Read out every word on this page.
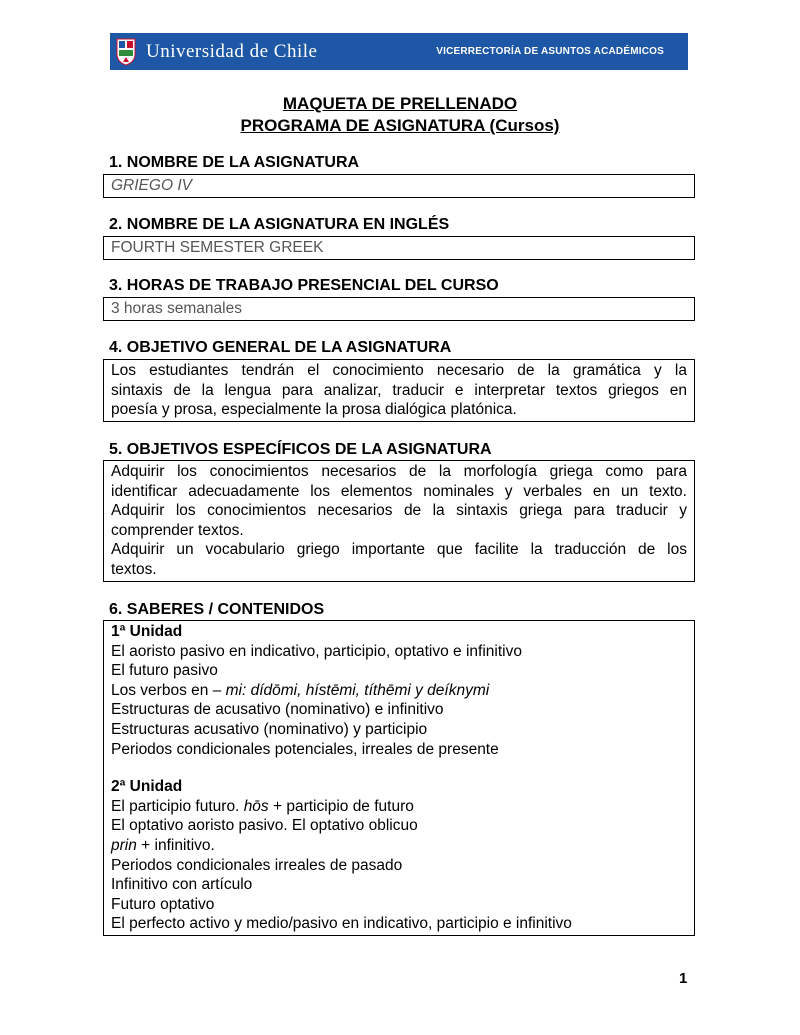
Universidad de Chile	VICERRECTORÍA DE ASUNTOS ACADÉMICOS
MAQUETA DE PRELLENADO
PROGRAMA DE ASIGNATURA (Cursos)
1. NOMBRE DE LA ASIGNATURA
GRIEGO IV
2. NOMBRE DE LA ASIGNATURA EN INGLÉS
FOURTH SEMESTER GREEK
3. HORAS DE TRABAJO PRESENCIAL DEL CURSO
3 horas semanales
4. OBJETIVO GENERAL DE LA ASIGNATURA

Los estudiantes tendrán el conocimiento necesario de la gramática y la

sintaxis de la lengua para analizar, traducir e interpretar textos griegos en

poesía y prosa, especialmente la prosa dialógica platónica.

5. OBJETIVOS ESPECÍFICOS DE LA ASIGNATURA

Adquirir los conocimientos necesarios de la morfología griega como para

identificar adecuadamente los elementos nominales y verbales en un texto.

Adquirir los conocimientos necesarios de la sintaxis griega para traducir y

comprender textos.

Adquirir un vocabulario griego importante que facilite la traducción de los

textos.

6. SABERES / CONTENIDOS

1ª Unidad

El aoristo pasivo en indicativo, participio, optativo e infinitivo

El futuro pasivo

Los verbos en – mi: dídōmi, hístēmi, títhēmi y deíknymi

Estructuras de acusativo (nominativo) e infinitivo

Estructuras acusativo (nominativo) y participio

Periodos condicionales potenciales, irreales de presente

2ª Unidad

El participio futuro. hōs + participio de futuro

El optativo aoristo pasivo. El optativo oblicuo

prin + infinitivo.

Periodos condicionales irreales de pasado

Infinitivo con artículo

Futuro optativo

El perfecto activo y medio/pasivo en indicativo, participio e infinitivo

1
